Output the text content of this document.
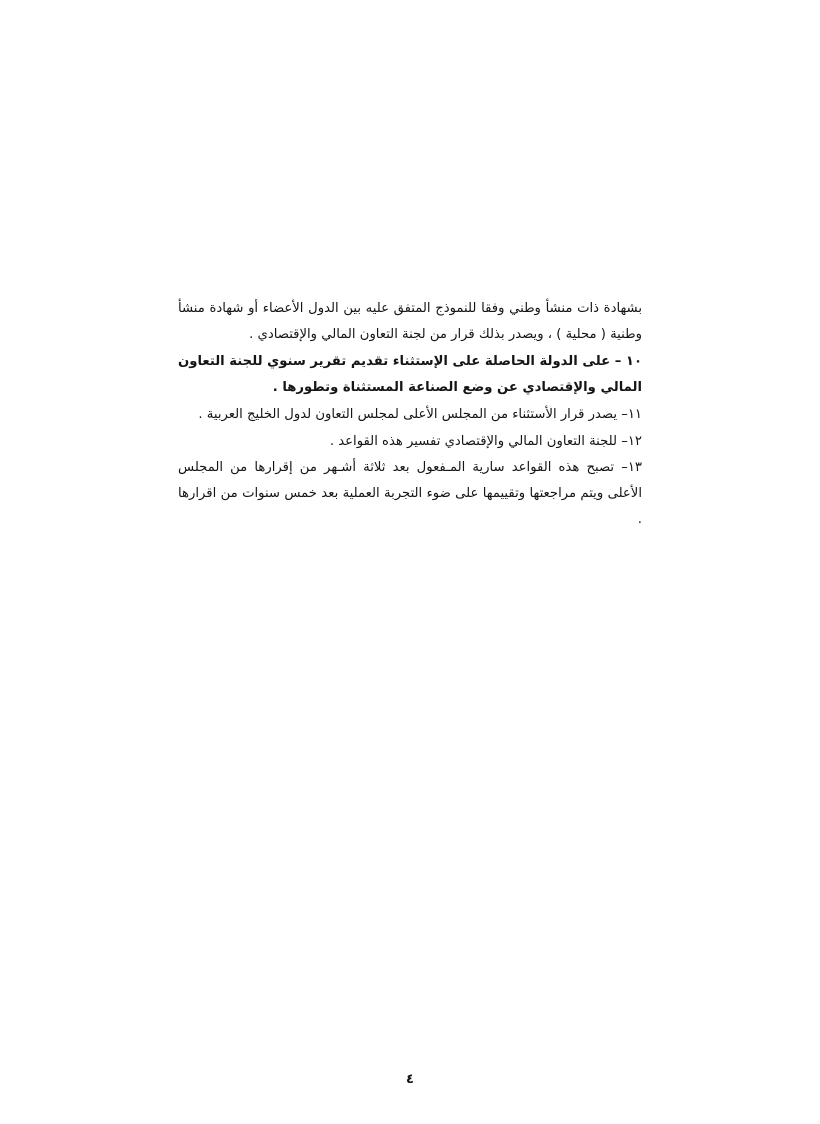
بشهادة ذات منشأ وطني وفقا للنموذج المتفق عليه بين الدول الأعضاء أو شهادة منشأ وطنية ( محلية ) ، ويصدر بذلك قرار من لجنة التعاون المالي والإقتصادي .

١٠ – على الدولة الحاصلة على الإستثناء تقديم تقرير سنوي للجنة التعاون المالي والإقتصادي عن وضع الصناعة المستثناة وتطورها .
١١– يصدر قرار الأستثناء من المجلس الأعلى لمجلس التعاون لدول الخليج العربية .
١٢– للجنة التعاون المالي والإقتصادي تفسير هذه القواعد .
١٣– تصبح هذه القواعد سارية المـفعول بعد ثلاثة أشـهر من إقرارها من المجلس الأعلى ويتم مراجعتها وتقييمها على ضوء التجربة العملية بعد خمس سنوات من اقرارها .
٤
